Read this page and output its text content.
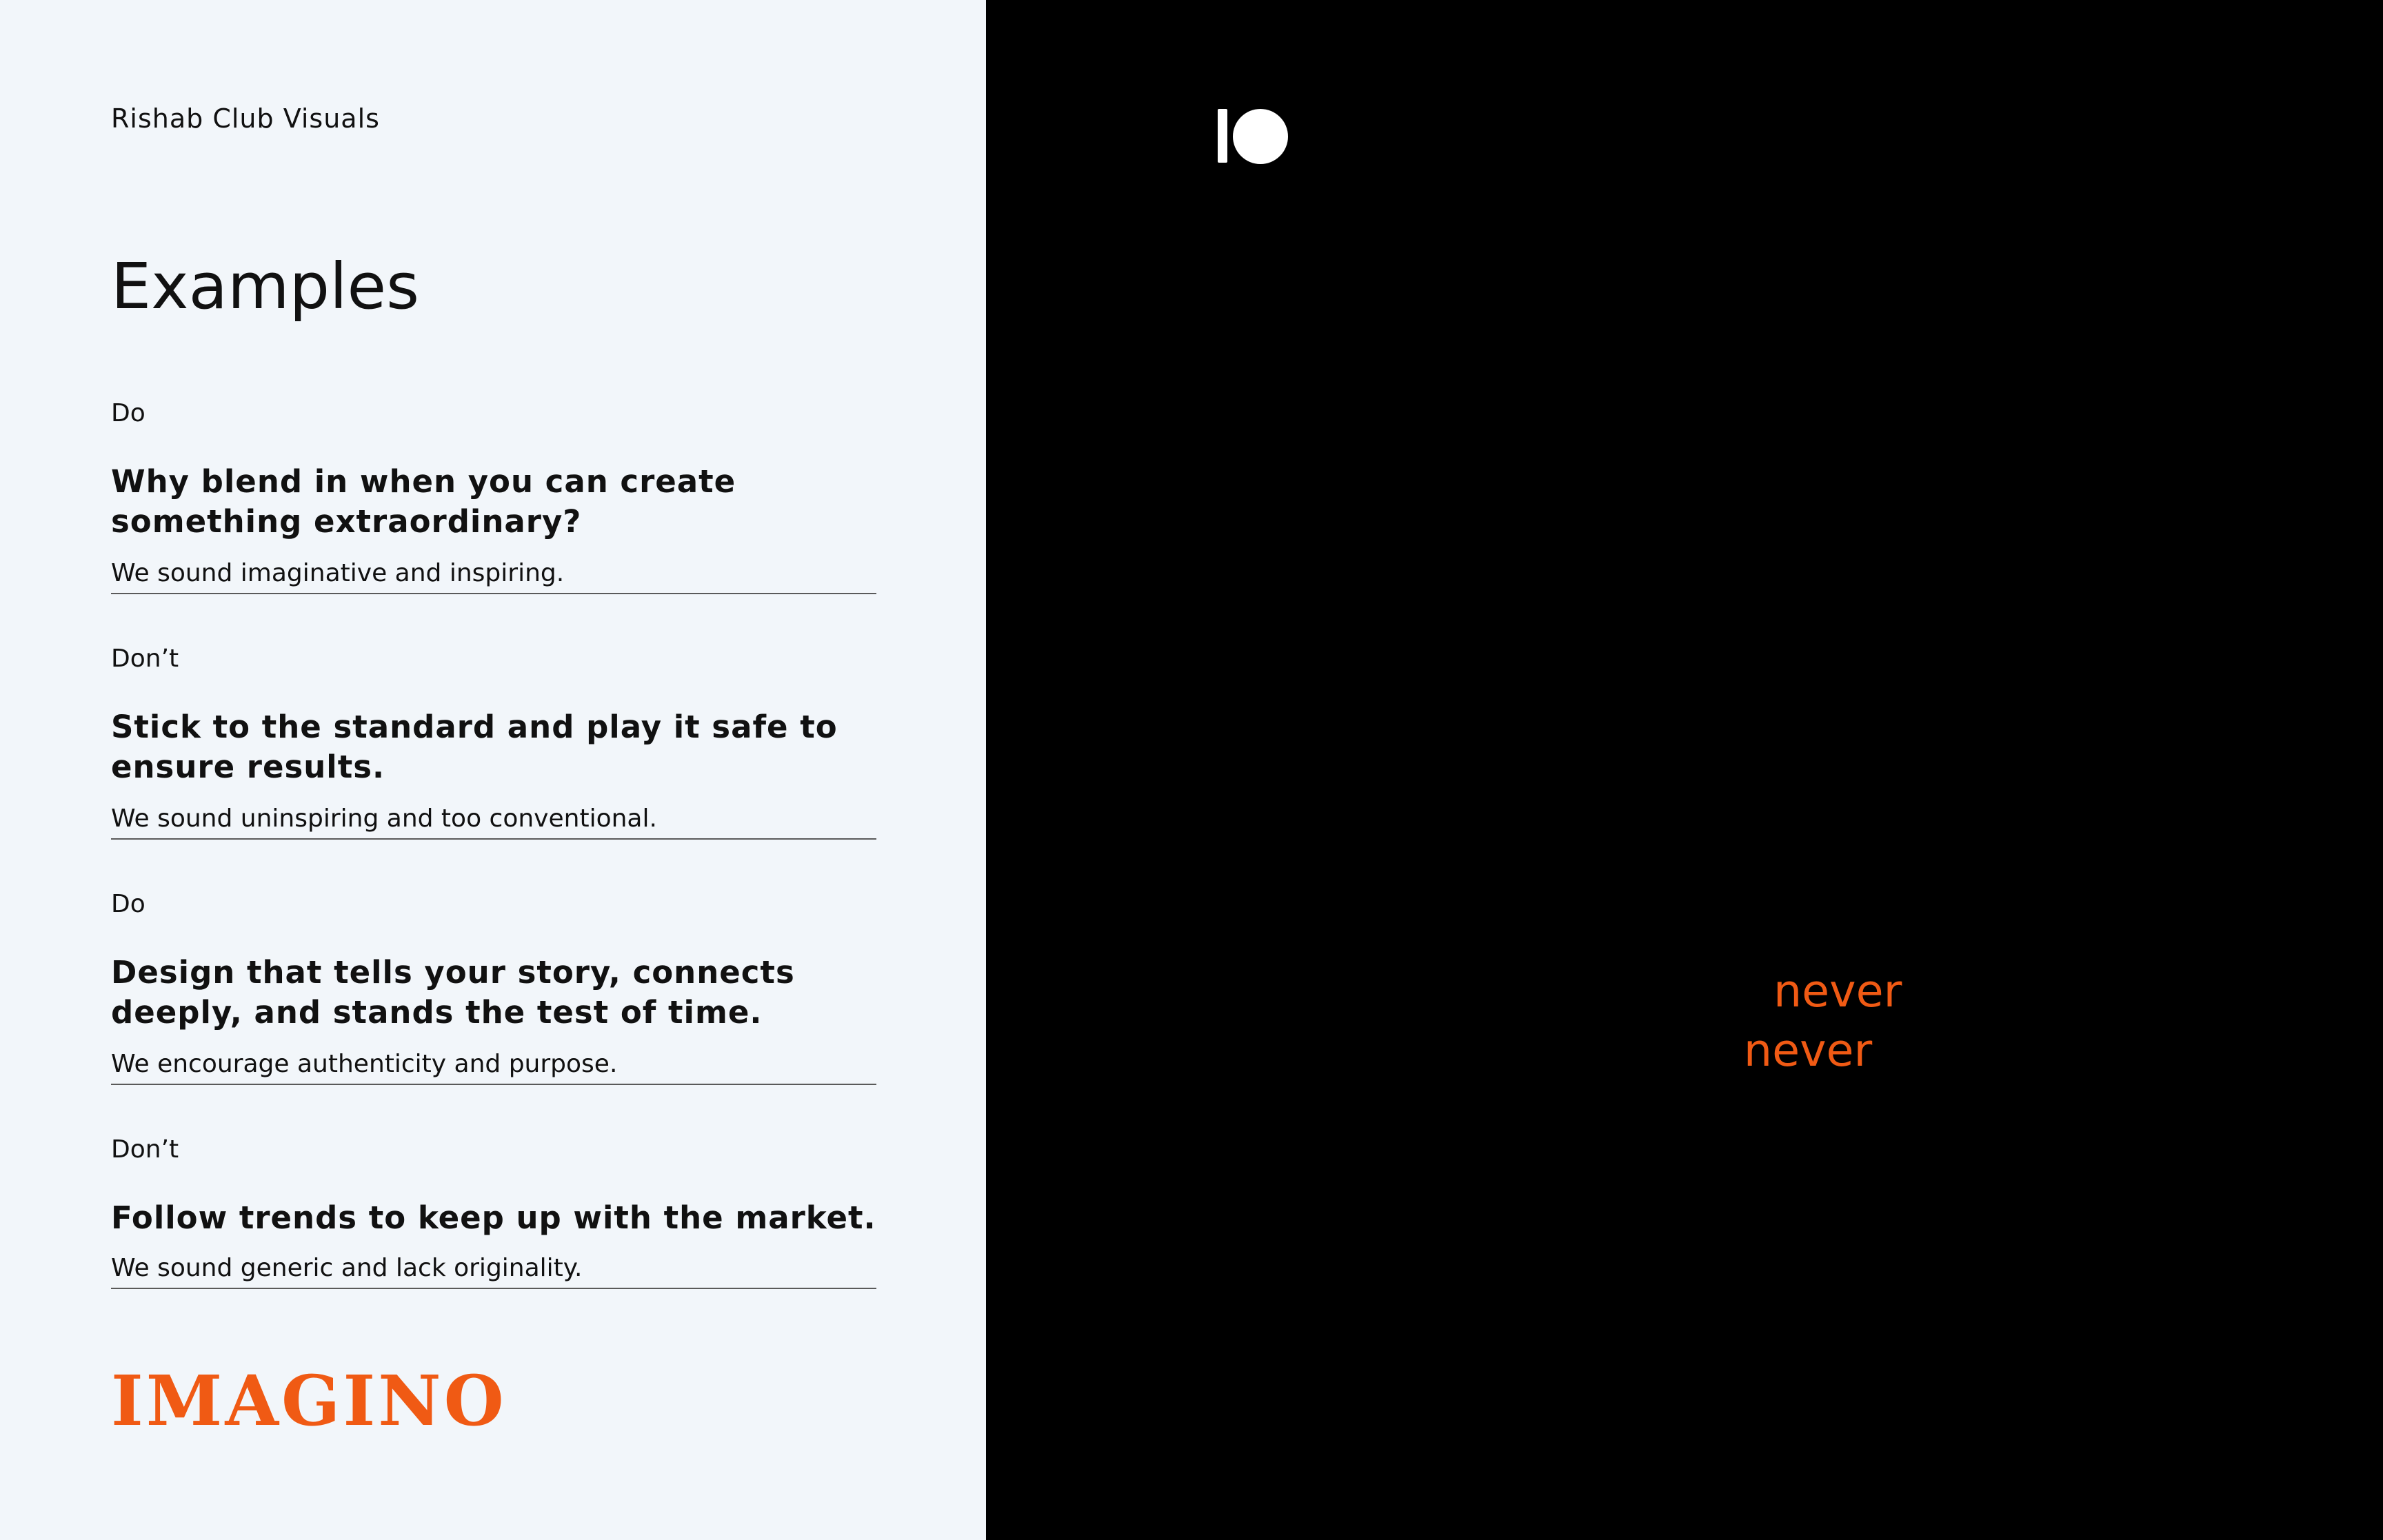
Rishab Club Visuals
Examples
Do
Why blend in when you can create something extraordinary?
We sound imaginative and inspiring.
Don’t
Stick to the standard and play it safe to ensure results.
We sound uninspiring and too conventional.
Do
Design that tells your story, connects deeply, and stands the test of time.
We encourage authenticity and purpose.
Don’t
Follow trends to keep up with the market.
We sound generic and lack originality.
IMAGINO
Daring

At IMAGINO, daring means having the courage to challenge the ordinary and explore new possibilities. It’s about pushing boundaries with thoughtful intention, creating designs and strategies that not only stand out but connect deeply and purposefully.

· We can be imaginative, but never impractical.
· We can be innovative, but never overwhelming.
· We can be bold, but always meaningful.
PAGE 17
